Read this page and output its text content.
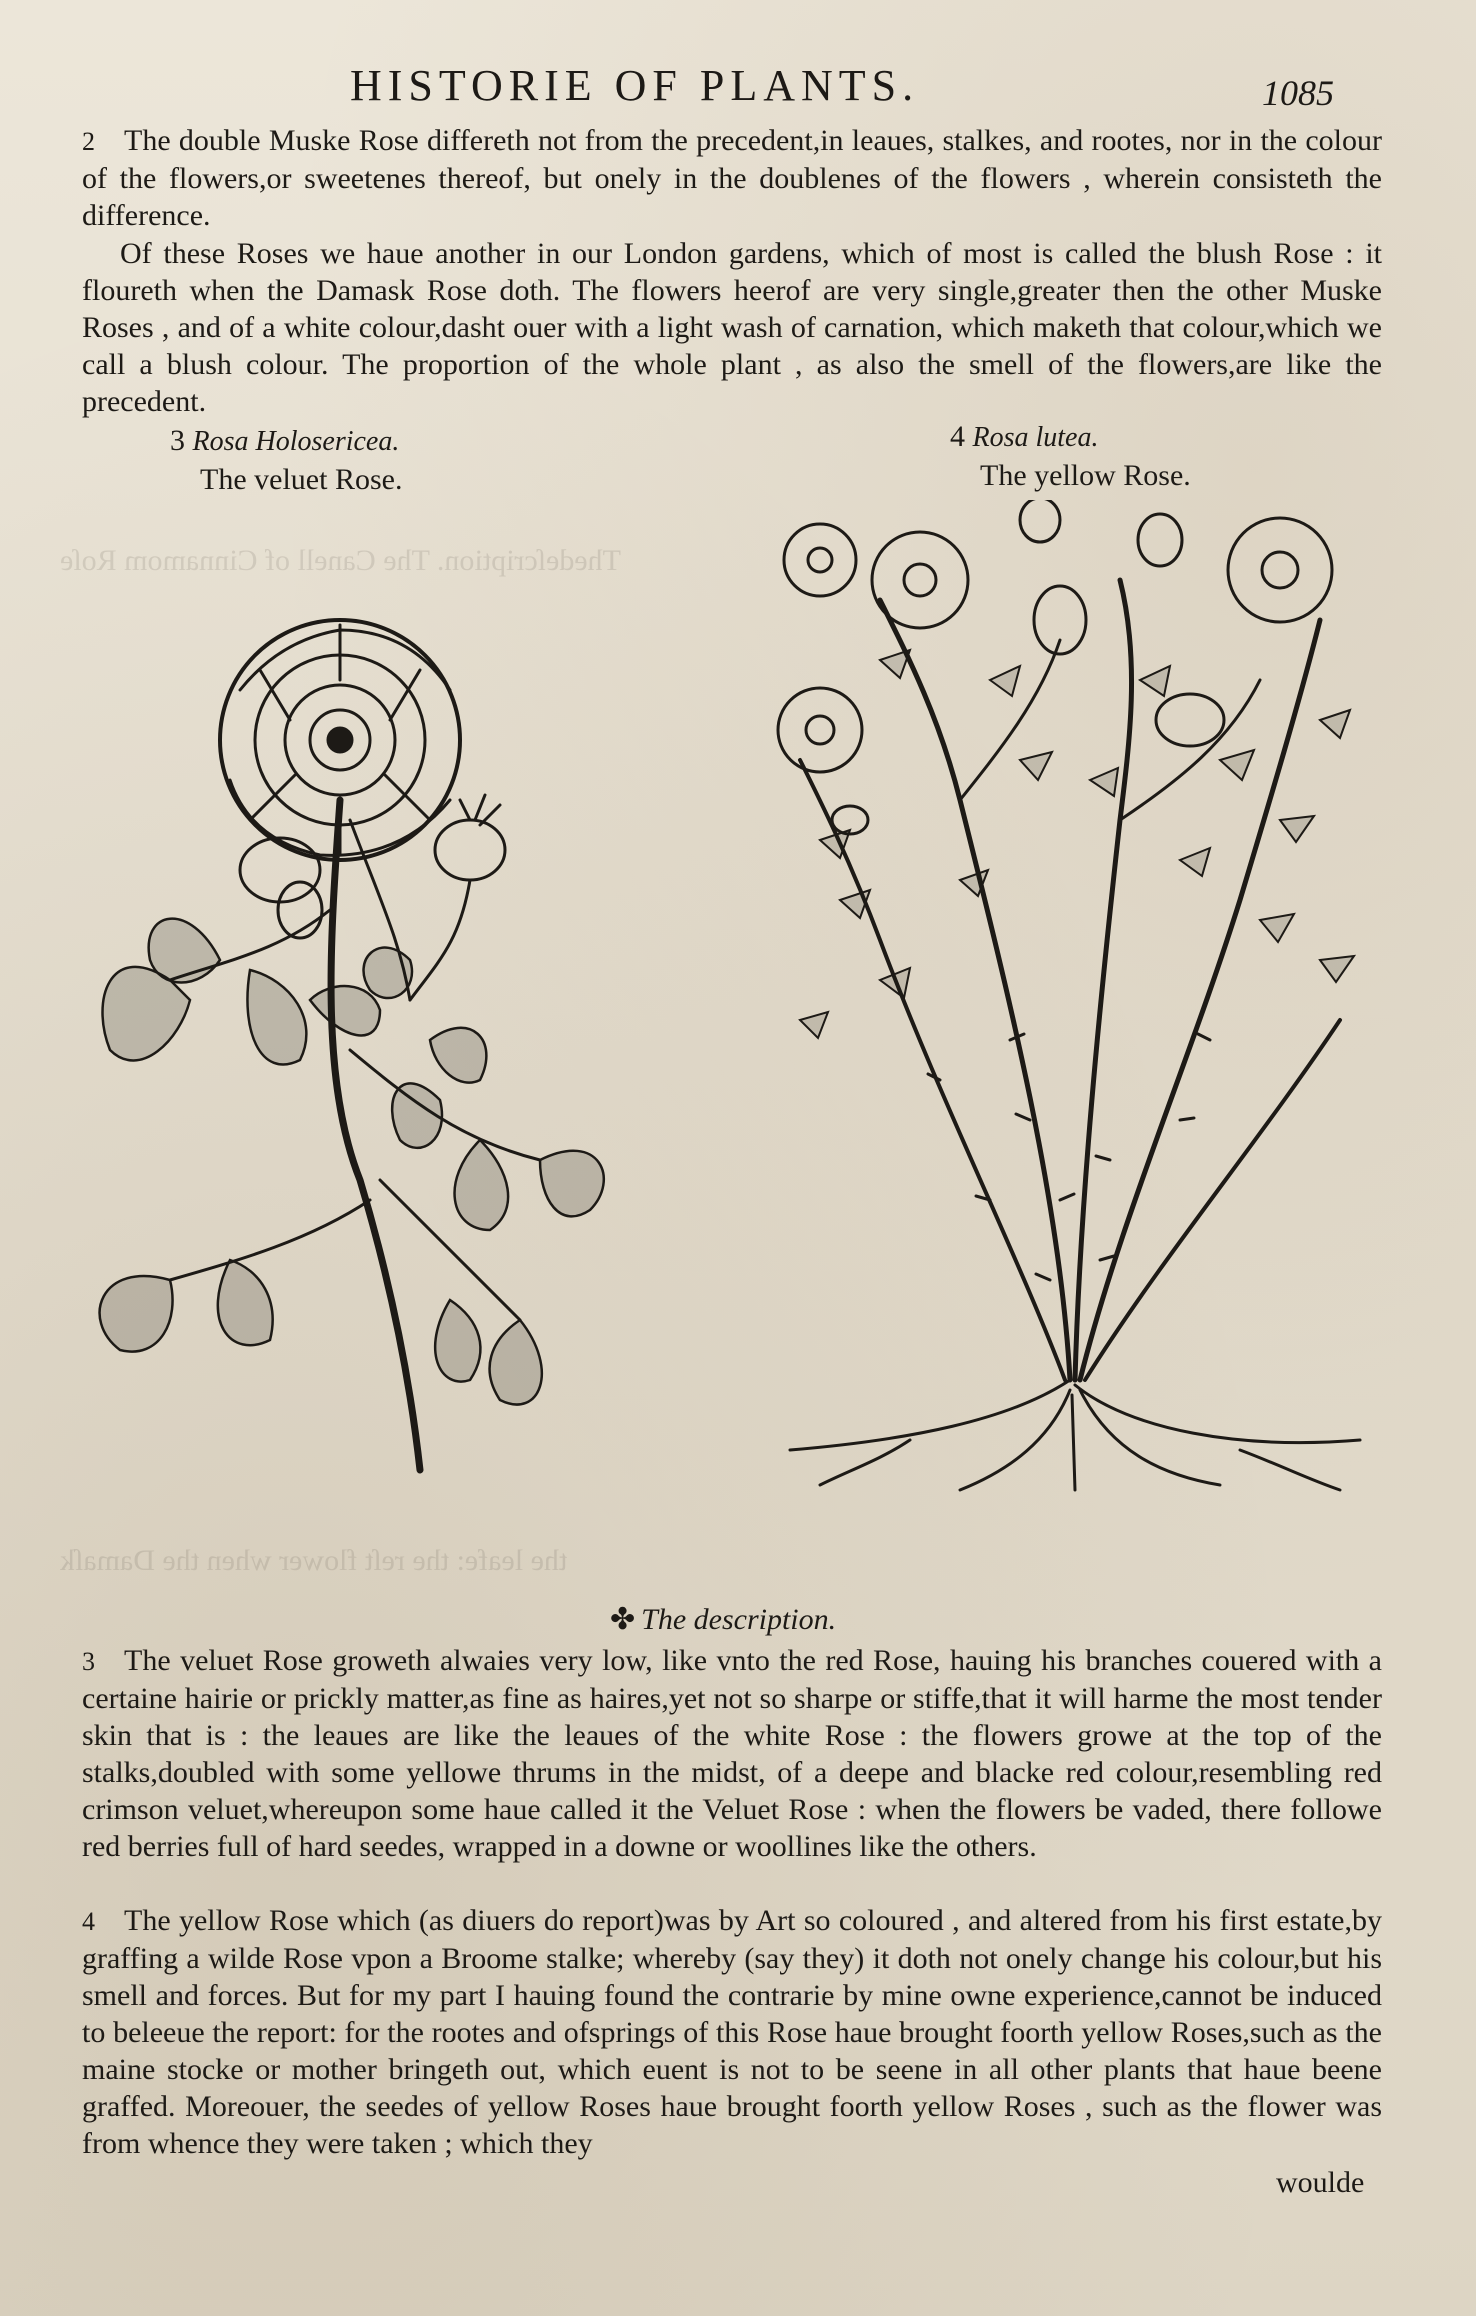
Thedeſcription. The Canell of Cinnamom Roſe
the leafe: the reſt flower when the Damaſk
HISTORIE OF PLANTS.	1085
2 The double Muske Rose differeth not from the precedent,in leaues, stalkes, and rootes, nor in the colour of the flowers,or sweetenes thereof, but onely in the doublenes of the flowers , wherein consisteth the difference.
Of these Roses we haue another in our London gardens, which of most is called the blush Rose : it floureth when the Damask Rose doth. The flowers heerof are very single,greater then the other Muske Roses , and of a white colour,dasht ouer with a light wash of carnation, which maketh that colour,which we call a blush colour. The proportion of the whole plant , as also the smell of the flowers,are like the precedent.
3 Rosa Holosericea.
The veluet Rose.
4 Rosa lutea.
The yellow Rose.
✤ The description.
3 The veluet Rose groweth alwaies very low, like vnto the red Rose, hauing his branches couered with a certaine hairie or prickly matter,as fine as haires,yet not so sharpe or stiffe,that it will harme the most tender skin that is : the leaues are like the leaues of the white Rose : the flowers growe at the top of the stalks,doubled with some yellowe thrums in the midst, of a deepe and blacke red colour,resembling red crimson veluet,whereupon some haue called it the Veluet Rose : when the flowers be vaded, there followe red berries full of hard seedes, wrapped in a downe or woollines like the others.
4 The yellow Rose which (as diuers do report)was by Art so coloured , and altered from his first estate,by graffing a wilde Rose vpon a Broome stalke; whereby (say they) it doth not onely change his colour,but his smell and forces. But for my part I hauing found the contrarie by mine owne experience,cannot be induced to beleeue the report: for the rootes and ofsprings of this Rose haue brought foorth yellow Roses,such as the maine stocke or mother bringeth out, which euent is not to be seene in all other plants that haue beene graffed. Moreouer, the seedes of yellow Roses haue brought foorth yellow Roses , such as the flower was from whence they were taken ; which they
woulde
